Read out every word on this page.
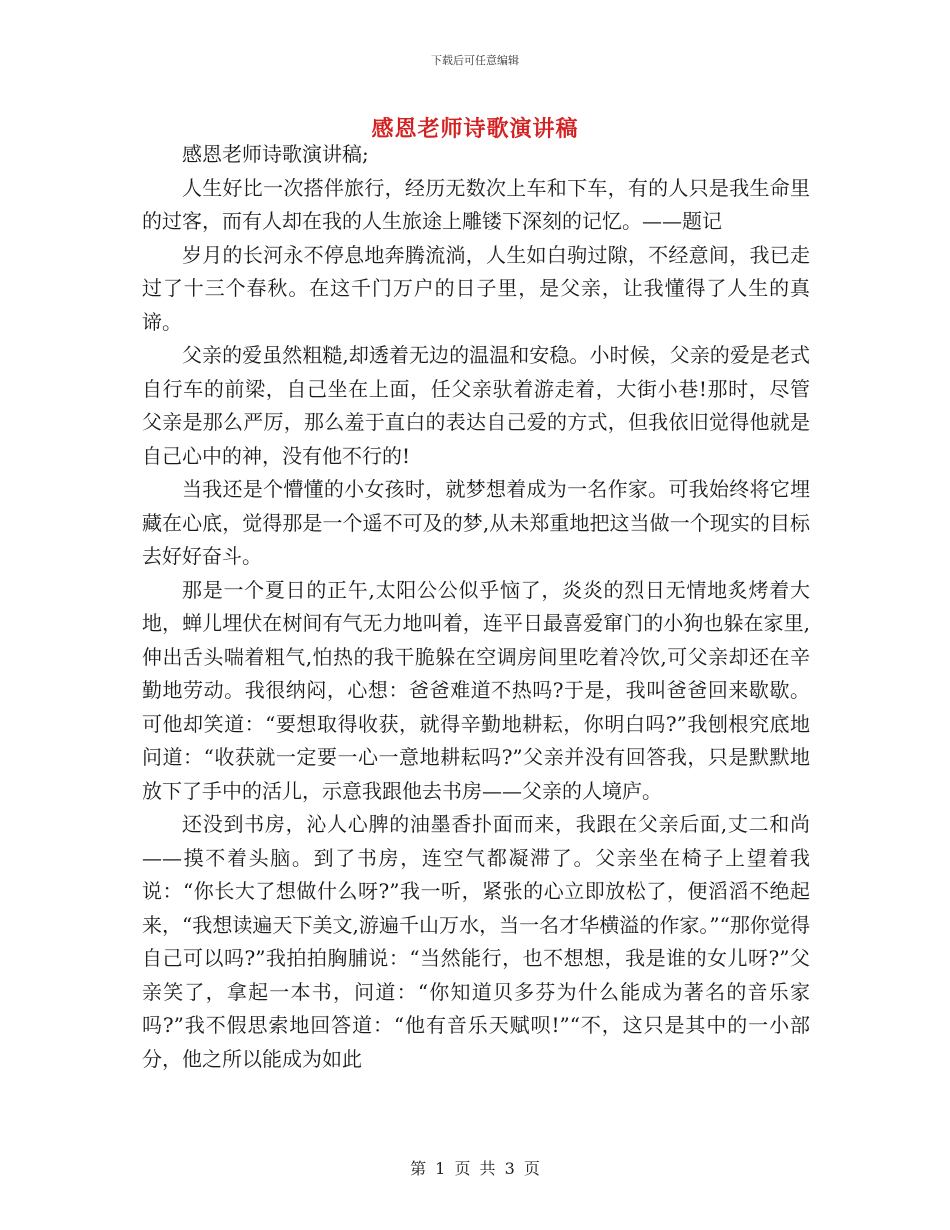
下载后可任意编辑
感恩老师诗歌演讲稿

感恩老师诗歌演讲稿;

人生好比一次搭伴旅行，经历无数次上车和下车，有的人只是我生命里的过客，而有人却在我的人生旅途上雕镂下深刻的记忆。——题记

岁月的长河永不停息地奔腾流淌，人生如白驹过隙，不经意间，我已走过了十三个春秋。在这千门万户的日子里，是父亲，让我懂得了人生的真谛。

父亲的爱虽然粗糙,却透着无边的温温和安稳。小时候，父亲的爱是老式自行车的前梁，自己坐在上面，任父亲驮着游走着，大街小巷!那时，尽管父亲是那么严厉，那么羞于直白的表达自己爱的方式，但我依旧觉得他就是自己心中的神，没有他不行的!

当我还是个懵懂的小女孩时，就梦想着成为一名作家。可我始终将它埋藏在心底，觉得那是一个遥不可及的梦,从未郑重地把这当做一个现实的目标去好好奋斗。

那是一个夏日的正午,太阳公公似乎恼了，炎炎的烈日无情地炙烤着大地，蝉儿埋伏在树间有气无力地叫着，连平日最喜爱窜门的小狗也躲在家里,伸出舌头喘着粗气,怕热的我干脆躲在空调房间里吃着冷饮,可父亲却还在辛勤地劳动。我很纳闷，心想：爸爸难道不热吗?于是，我叫爸爸回来歇歇。可他却笑道：“要想取得收获，就得辛勤地耕耘，你明白吗?”我刨根究底地问道：“收获就一定要一心一意地耕耘吗?”父亲并没有回答我，只是默默地放下了手中的活儿，示意我跟他去书房——父亲的人境庐。

还没到书房，沁人心脾的油墨香扑面而来，我跟在父亲后面,丈二和尚——摸不着头脑。到了书房，连空气都凝滞了。父亲坐在椅子上望着我说：“你长大了想做什么呀?”我一听，紧张的心立即放松了，便滔滔不绝起来，“我想读遍天下美文,游遍千山万水，当一名才华横溢的作家。”“那你觉得自己可以吗?”我拍拍胸脯说：“当然能行，也不想想，我是谁的女儿呀?”父亲笑了，拿起一本书，问道：“你知道贝多芬为什么能成为著名的音乐家吗?”我不假思索地回答道：“他有音乐天赋呗!”“不，这只是其中的一小部分，他之所以能成为如此

第 1 页 共 3 页
